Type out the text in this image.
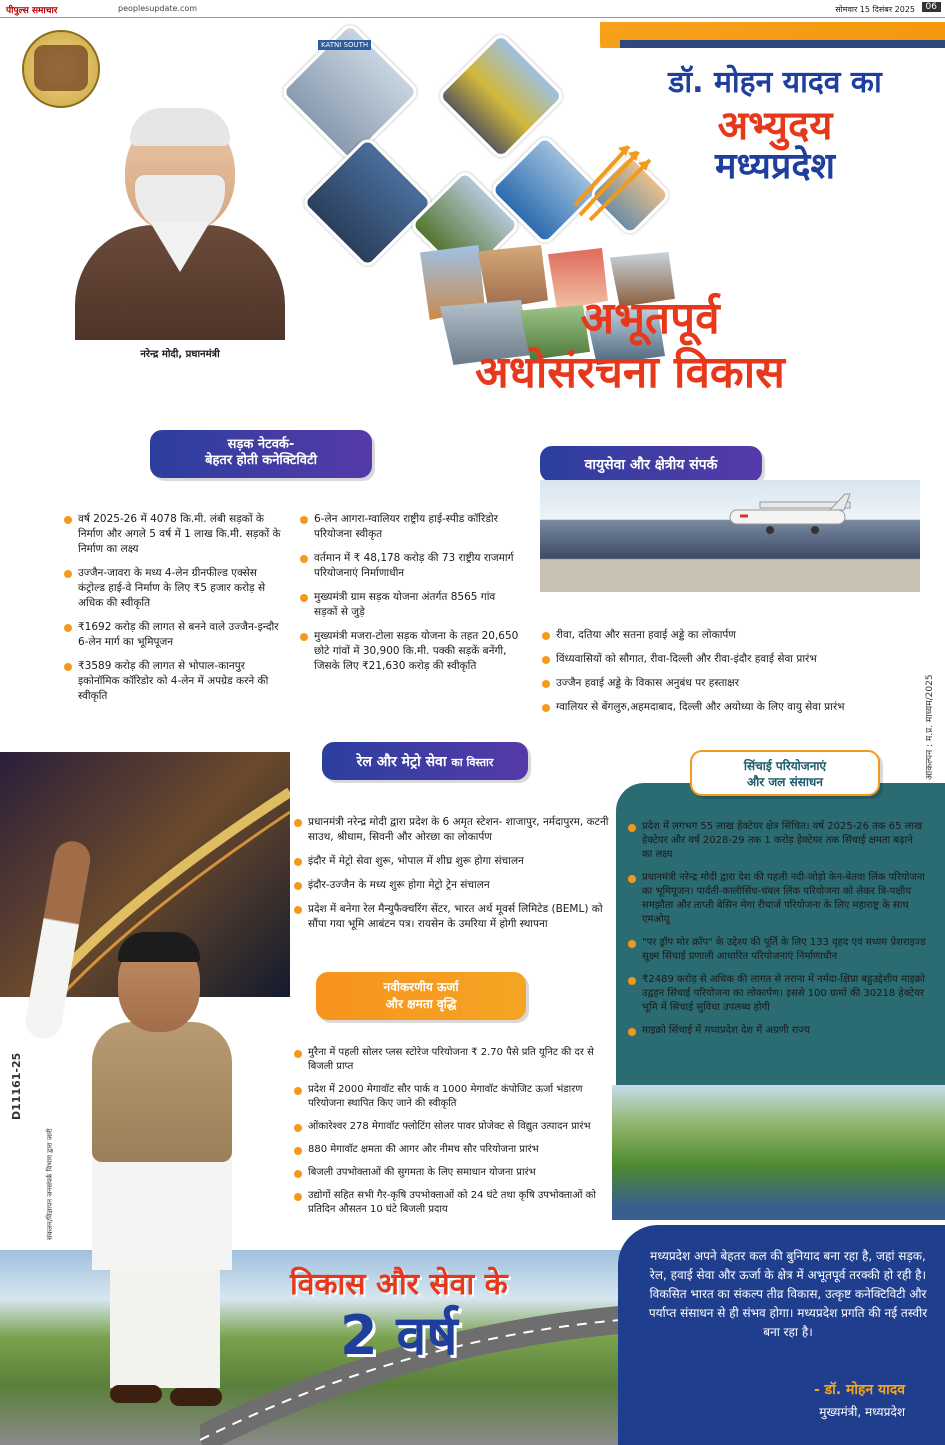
पीपुल्स समाचार	peoplesupdate.com	सोमवार 15 दिसंबर 2025	06
नरेन्द्र मोदी, प्रधानमंत्री
KATNI SOUTH
डॉ. मोहन यादव का
अभ्युदय
मध्यप्रदेश
अभूतपूर्व
अधोसंरचना विकास
सड़क नेटवर्क-
बेहतर होती कनेक्टिविटी
वर्ष 2025-26 में 4078 कि.मी. लंबी सड़कों के निर्माण और अगले 5 वर्ष में 1 लाख कि.मी. सड़कों के निर्माण का लक्ष्य
उज्जैन-जावरा के मध्य 4-लेन ग्रीनफील्ड एक्सेस कंट्रोल्ड हाई-वे निर्माण के लिए ₹5 हजार करोड़ से अधिक की स्वीकृति
₹1692 करोड़ की लागत से बनने वाले उज्जैन-इन्दौर 6-लेन मार्ग का भूमिपूजन
₹3589 करोड़ की लागत से भोपाल-कानपुर इकोनॉमिक कॉरिडोर को 4-लेन में अपग्रेड करने की स्वीकृति
6-लेन आगरा-ग्वालियर राष्ट्रीय हाई-स्पीड कॉरिडोर परियोजना स्वीकृत
वर्तमान में ₹ 48,178 करोड़ की 73 राष्ट्रीय राजमार्ग परियोजनाएं निर्माणाधीन
मुख्यमंत्री ग्राम सड़क योजना अंतर्गत 8565 गांव सड़कों से जुड़े
मुख्यमंत्री मजरा-टोला सड़क योजना के तहत 20,650 छोटे गांवों में 30,900 कि.मी. पक्की सड़कें बनेंगी, जिसके लिए ₹21,630 करोड़ की स्वीकृति
वायुसेवा और क्षेत्रीय संपर्क
रीवा, दतिया और सतना हवाई अड्डे का लोकार्पण
विंध्यवासियों को सौगात, रीवा-दिल्ली और रीवा-इंदौर हवाई सेवा प्रारंभ
उज्जैन हवाई अड्डे के विकास अनुबंध पर हस्ताक्षर
ग्वालियर से बेंगलुरु,अहमदाबाद, दिल्ली और अयोध्या के लिए वायु सेवा प्रारंभ
रेल और मेट्रो सेवा का विस्तार
प्रधानमंत्री नरेन्द्र मोदी द्वारा प्रदेश के 6 अमृत स्टेशन- शाजापुर, नर्मदापुरम, कटनी साउथ, श्रीधाम, सिवनी और ओरछा का लोकार्पण
इंदौर में मेट्रो सेवा शुरू, भोपाल में शीघ्र शुरू होगा संचालन
इंदौर-उज्जैन के मध्य शुरू होगा मेट्रो ट्रेन संचालन
प्रदेश में बनेगा रेल मैन्युफैक्चरिंग सेंटर, भारत अर्थ मूवर्स लिमिटेड (BEML) को सौंपा गया भूमि आबंटन पत्र। रायसेन के उमरिया में होगी स्थापना
सिंचाई परियोजनाएं
और जल संसाधन
प्रदेश में लगभग 55 लाख हेक्टेयर क्षेत्र सिंचित। वर्ष 2025-26 तक 65 लाख हेक्टेयर और वर्ष 2028-29 तक 1 करोड़ हेक्टेयर तक सिंचाई क्षमता बढ़ाने का लक्ष्य
प्रधानमंत्री नरेन्द्र मोदी द्वारा देश की पहली नदी-जोड़ो केन-बेतवा लिंक परियोजना का भूमिपूजन। पार्वती-कालीसिंध-चंबल लिंक परियोजना को लेकर त्रि-पक्षीय समझौता और ताप्ती बेसिन मेगा रीचार्ज परियोजना के लिए महाराष्ट्र के साथ एमओयू
"पर ड्रॉप मोर क्रॉप" के उद्देश्य की पूर्ति के लिए 133 वृहद एवं मध्यम प्रेशराइज्ड सूक्ष्म सिंचाई प्रणाली आधारित परियोजनाएं निर्माणाधीन
₹2489 करोड़ से अधिक की लागत से तराना में नर्मदा-क्षिप्रा बहुउद्देशीय माइक्रो उद्वहन सिंचाई परियोजना का लोकार्पण। इससे 100 ग्रामों की 30218 हेक्टेयर भूमि में सिंचाई सुविधा उपलब्ध होगी
माइक्रो सिंचाई में मध्यप्रदेश देश में अग्रणी राज्य
नवीकरणीय ऊर्जा
और क्षमता वृद्धि
मुरैना में पहली सोलर प्लस स्टोरेज परियोजना ₹ 2.70 पैसे प्रति यूनिट की दर से बिजली प्राप्त
प्रदेश में 2000 मेगावॉट सौर पार्क व 1000 मेगावॉट कंपोजिट ऊर्जा भंडारण परियोजना स्थापित किए जाने की स्वीकृति
ओंकारेश्वर 278 मेगावॉट फ्लोटिंग सोलर पावर प्रोजेक्ट से विद्युत उत्पादन प्रारंभ
880 मेगावॉट क्षमता की आगर और नीमच सौर परियोजना प्रारंभ
बिजली उपभोक्ताओं की सुगमता के लिए समाधान योजना प्रारंभ
उद्योगों सहित सभी गैर-कृषि उपभोक्ताओं को 24 घंटे तथा कृषि उपभोक्ताओं को प्रतिदिन औसतन 10 घंटे बिजली प्रदाय
विकास और सेवा के
2 वर्ष
मध्यप्रदेश अपने बेहतर कल की बुनियाद बना रहा है, जहां सड़क, रेल, हवाई सेवा और ऊर्जा के क्षेत्र में अभूतपूर्व तरक्की हो रही है। विकसित भारत का संकल्प तीव्र विकास, उत्कृष्ट कनेक्टिविटी और पर्याप्त संसाधन से ही संभव होगा। मध्यप्रदेश प्रगति की नई तस्वीर बना रहा है।
- डॉ. मोहन यादव
मुख्यमंत्री, मध्यप्रदेश
D11161-25
आकल्पन : म.प्र. माध्यम/2025
संकलन/विज्ञापन जनसंपर्क विभाग द्वारा जारी
